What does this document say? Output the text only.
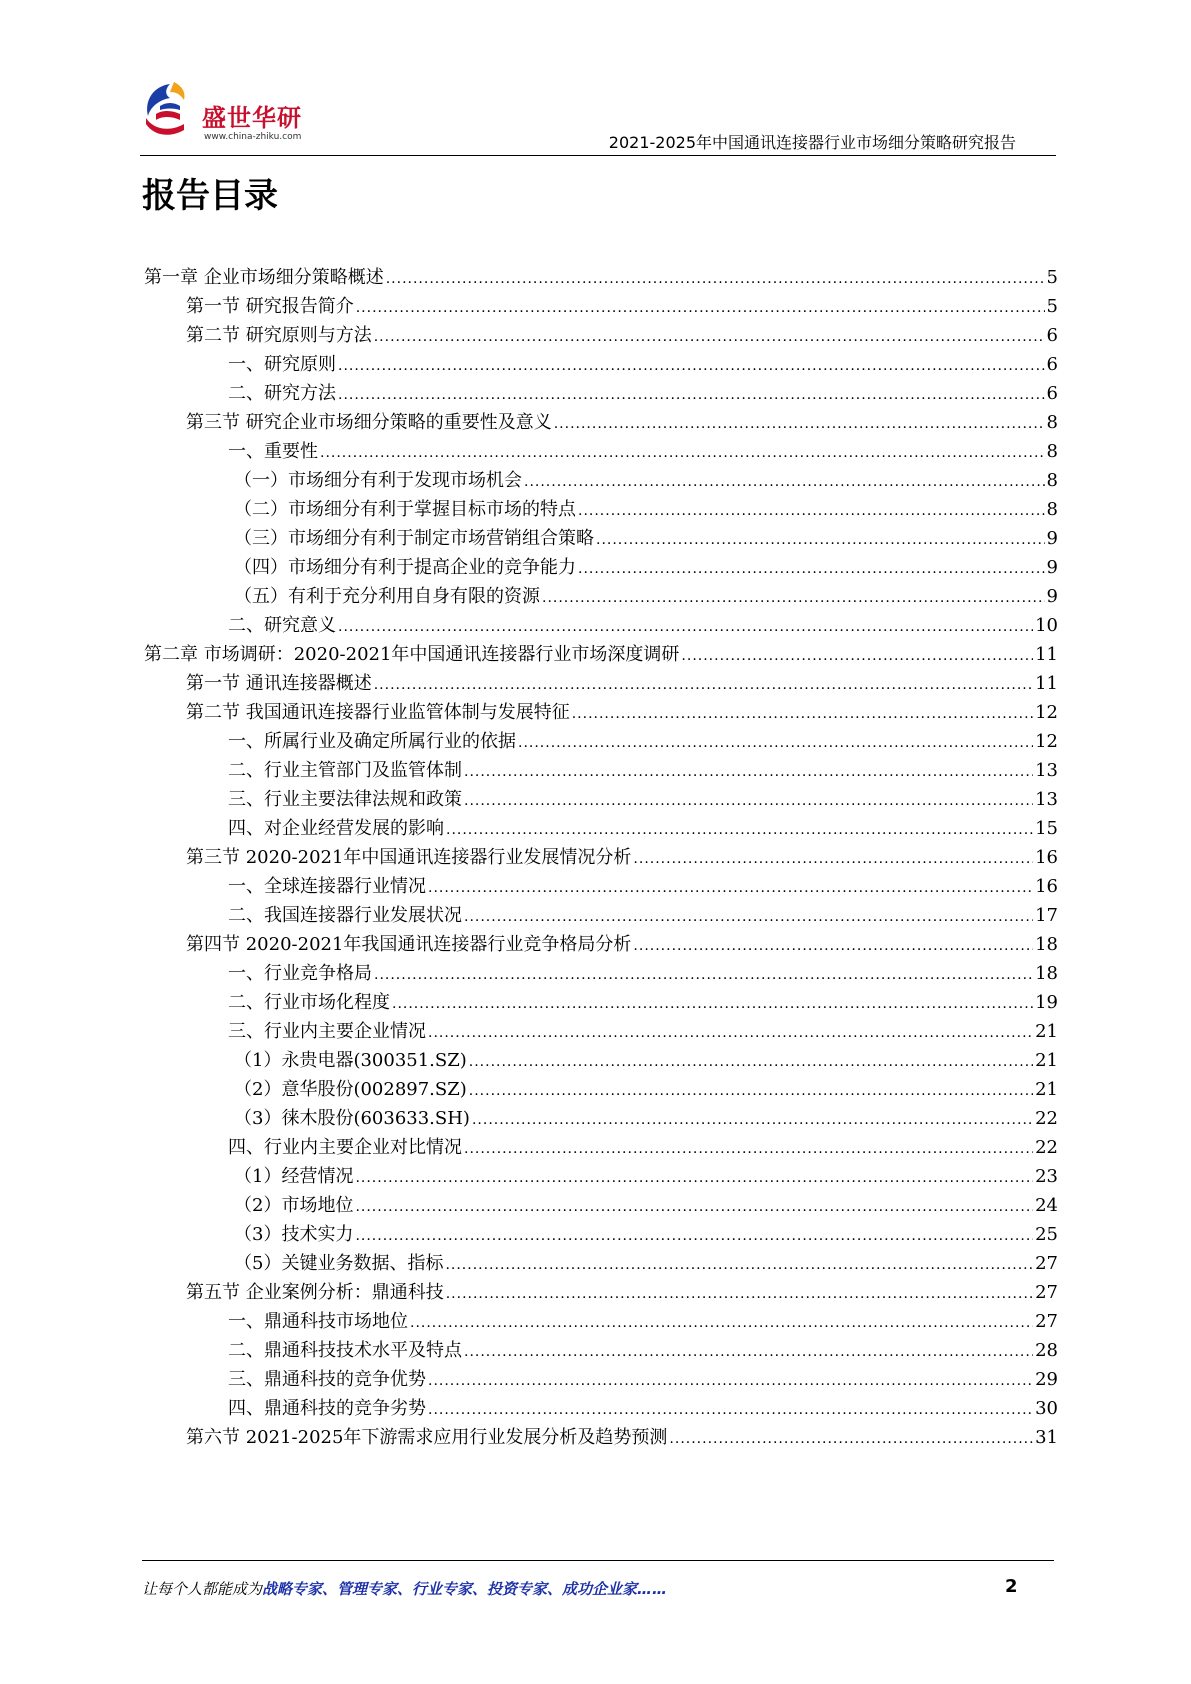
盛世华研
www.china-zhiku.com	2021-2025年中国通讯连接器行业市场细分策略研究报告
报告目录
第一章 企业市场细分策略概述 .....	5
第一节 研究报告简介 .....	5
第二节 研究原则与方法 .....	6
一、研究原则 .....	6
二、研究方法 .....	6
第三节 研究企业市场细分策略的重要性及意义 .....	8
一、重要性 .....	8
（一）市场细分有利于发现市场机会 .....	8
（二）市场细分有利于掌握目标市场的特点 .....	8
（三）市场细分有利于制定市场营销组合策略 .....	9
（四）市场细分有利于提高企业的竞争能力 .....	9
（五）有利于充分利用自身有限的资源 .....	9
二、研究意义 .....	10
第二章 市场调研：2020-2021年中国通讯连接器行业市场深度调研 .....	11
第一节 通讯连接器概述 .....	11
第二节 我国通讯连接器行业监管体制与发展特征 .....	12
一、所属行业及确定所属行业的依据 .....	12
二、行业主管部门及监管体制 .....	13
三、行业主要法律法规和政策 .....	13
四、对企业经营发展的影响 .....	15
第三节 2020-2021年中国通讯连接器行业发展情况分析 .....	16
一、全球连接器行业情况 .....	16
二、我国连接器行业发展状况 .....	17
第四节 2020-2021年我国通讯连接器行业竞争格局分析 .....	18
一、行业竞争格局 .....	18
二、行业市场化程度 .....	19
三、行业内主要企业情况 .....	21
（1）永贵电器(300351.SZ) .....	21
（2）意华股份(002897.SZ) .....	21
（3）徕木股份(603633.SH) .....	22
四、行业内主要企业对比情况 .....	22
（1）经营情况 .....	23
（2）市场地位 .....	24
（3）技术实力 .....	25
（5）关键业务数据、指标 .....	27
第五节 企业案例分析：鼎通科技 .....	27
一、鼎通科技市场地位 .....	27
二、鼎通科技技术水平及特点 .....	28
三、鼎通科技的竞争优势 .....	29
四、鼎通科技的竞争劣势 .....	30
第六节 2021-2025年下游需求应用行业发展分析及趋势预测 .....	31
让每个人都能成为战略专家、管理专家、行业专家、投资专家、成功企业家……	2
